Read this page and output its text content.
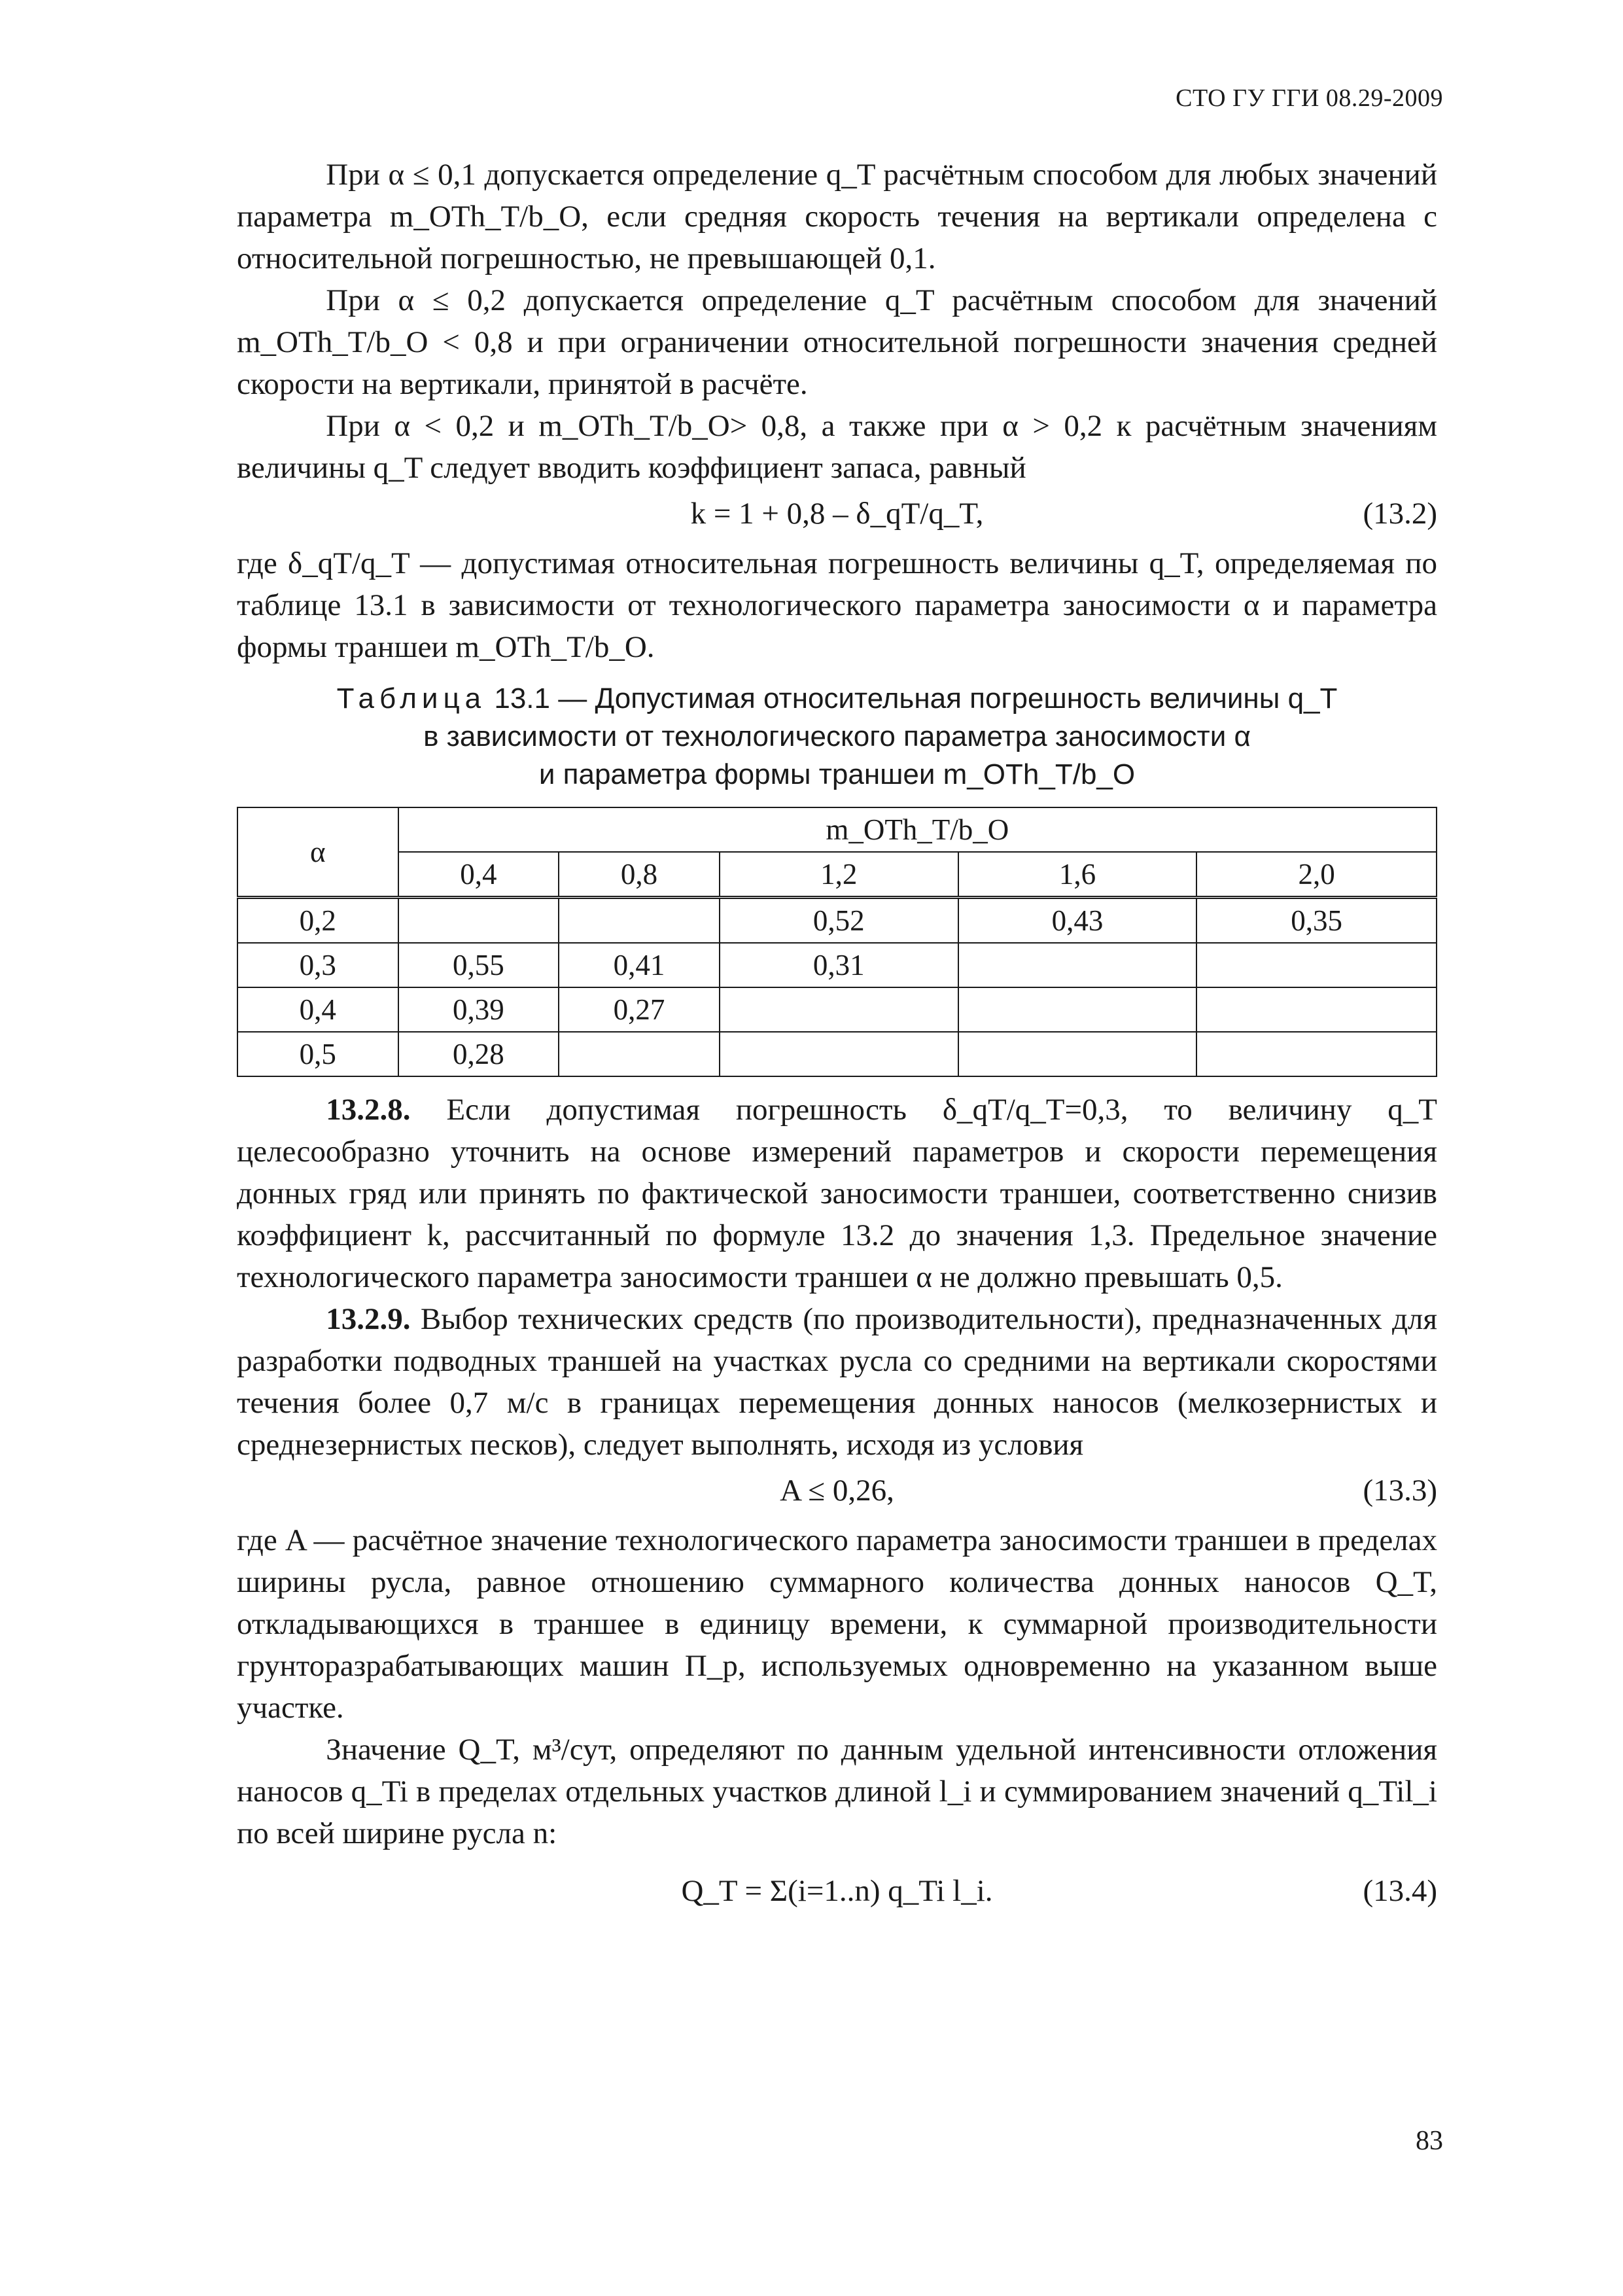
СТО ГУ ГГИ 08.29-2009

При α ≤ 0,1 допускается определение q_T расчётным способом для любых значений параметра m_OTh_T/b_O, если средняя скорость течения на вертикали определена с относительной погрешностью, не превышающей 0,1.

При α ≤ 0,2 допускается определение q_T расчётным способом для значений m_OTh_T/b_O < 0,8 и при ограничении относительной погрешности значения средней скорости на вертикали, принятой в расчёте.

При α < 0,2 и m_OTh_T/b_O> 0,8, а также при α > 0,2 к расчётным значениям величины q_T следует вводить коэффициент запаса, равный

k = 1 + 0,8 – δ_qT/q_T,	(13.2)

где δ_qT/q_T — допустимая относительная погрешность величины q_T, определяемая по таблице 13.1 в зависимости от технологического параметра заносимости α и параметра формы траншеи m_OTh_T/b_O.

Таблица 13.1 — Допустимая относительная погрешность величины q_T
в зависимости от технологического параметра заносимости α
и параметра формы траншеи m_OTh_T/b_O
α	m_OTh_T/b_O				
	0,4	0,8	1,2	1,6	2,0
0,2			0,52	0,43	0,35
0,3	0,55	0,41	0,31		
0,4	0,39	0,27			
0,5	0,28				

13.2.8. Если допустимая погрешность δ_qT/q_T=0,3, то величину q_T целесообразно уточнить на основе измерений параметров и скорости перемещения донных гряд или принять по фактической заносимости траншеи, соответственно снизив коэффициент k, рассчитанный по формуле 13.2 до значения 1,3. Предельное значение технологического параметра заносимости траншеи α не должно превышать 0,5.

13.2.9. Выбор технических средств (по производительности), предназначенных для разработки подводных траншей на участках русла со средними на вертикали скоростями течения более 0,7 м/с в границах перемещения донных наносов (мелкозернистых и среднезернистых песков), следует выполнять, исходя из условия

A ≤ 0,26,	(13.3)

где A — расчётное значение технологического параметра заносимости траншеи в пределах ширины русла, равное отношению суммарного количества донных наносов Q_T, откладывающихся в траншее в единицу времени, к суммарной производительности грунторазрабатывающих машин П_p, используемых одновременно на указанном выше участке.

Значение Q_T, м³/сут, определяют по данным удельной интенсивности отложения наносов q_Ti в пределах отдельных участков длиной l_i и суммированием значений q_Til_i по всей ширине русла n:

Q_T = Σ(i=1..n) q_Ti l_i.	(13.4)
83
